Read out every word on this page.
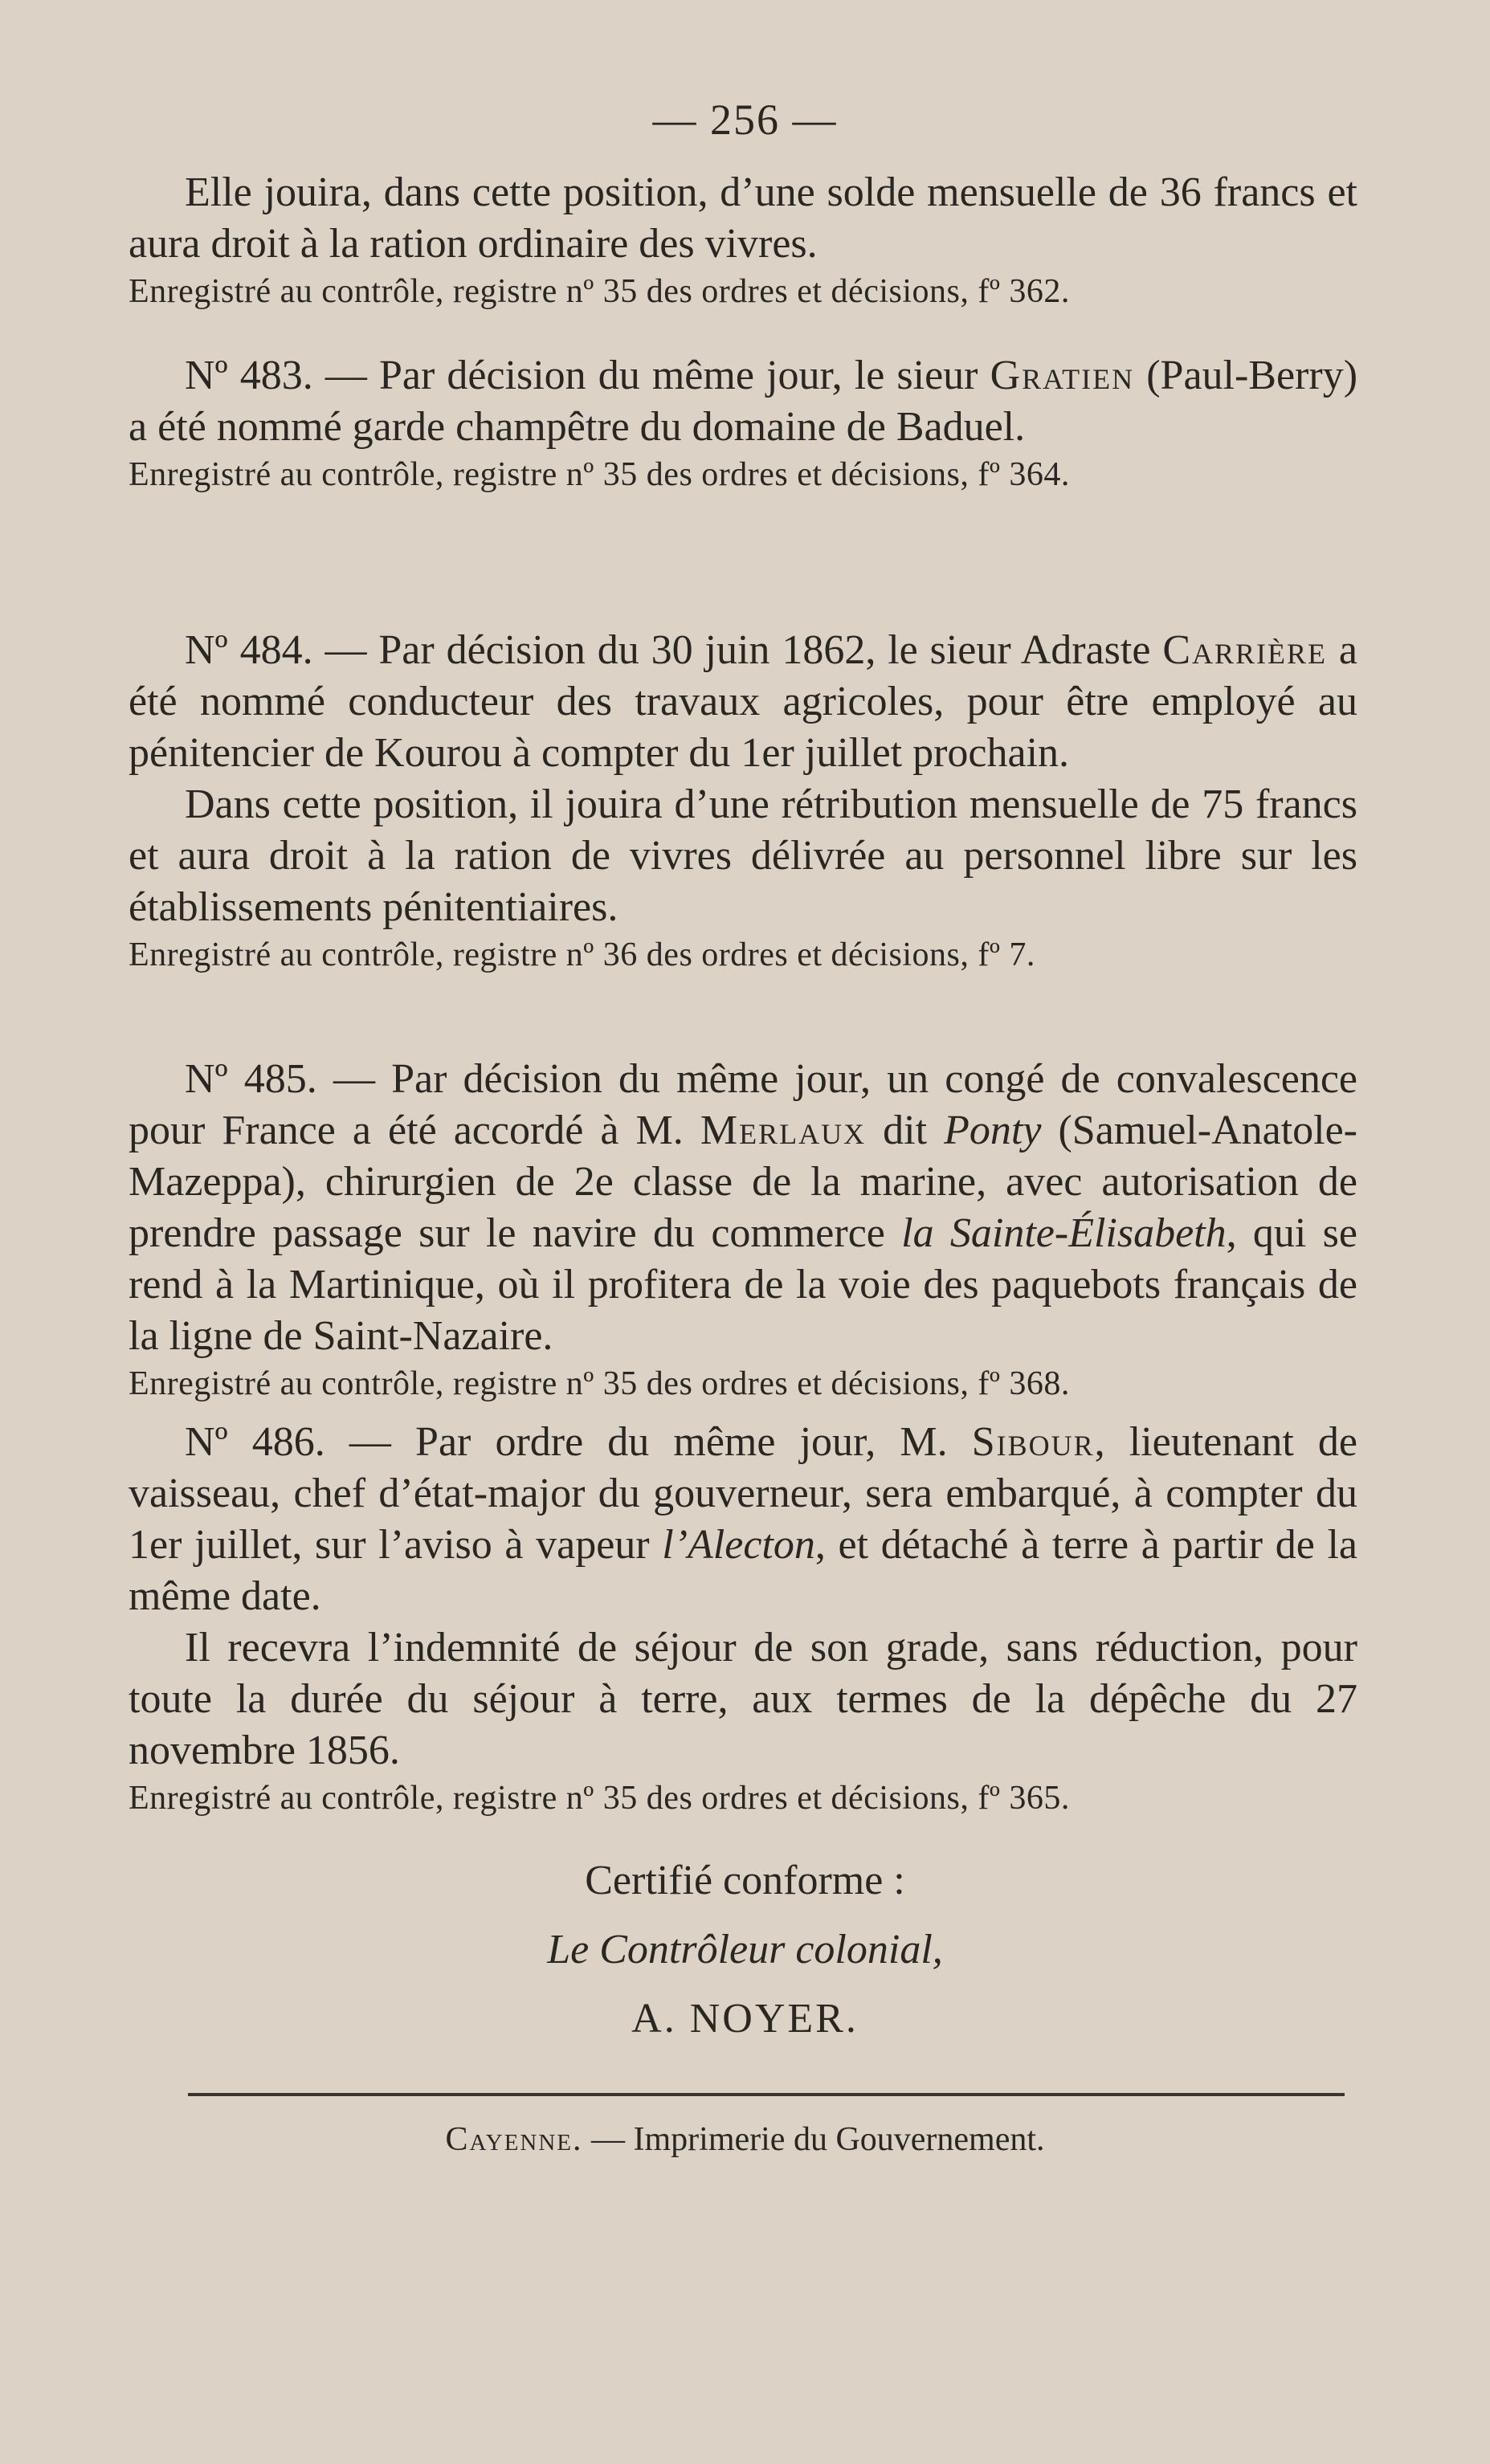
— 256 —

Elle jouira, dans cette position, d’une solde mensuelle de 36 francs et aura droit à la ration ordinaire des vivres.

Enregistré au contrôle, registre nº 35 des ordres et décisions, fº 362.

Nº 483. — Par décision du même jour, le sieur Gratien (Paul-Berry) a été nommé garde champêtre du domaine de Baduel.

Enregistré au contrôle, registre nº 35 des ordres et décisions, fº 364.

Nº 484. — Par décision du 30 juin 1862, le sieur Adraste Carrière a été nommé conducteur des travaux agricoles, pour être employé au pénitencier de Kourou à compter du 1er juillet prochain.

Dans cette position, il jouira d’une rétribution mensuelle de 75 francs et aura droit à la ration de vivres délivrée au personnel libre sur les établissements pénitentiaires.

Enregistré au contrôle, registre nº 36 des ordres et décisions, fº 7.

Nº 485. — Par décision du même jour, un congé de convalescence pour France a été accordé à M. Merlaux dit Ponty (Samuel-Anatole-Mazeppa), chirurgien de 2e classe de la marine, avec autorisation de prendre passage sur le navire du commerce la Sainte-Élisabeth, qui se rend à la Martinique, où il profitera de la voie des paquebots français de la ligne de Saint-Nazaire.

Enregistré au contrôle, registre nº 35 des ordres et décisions, fº 368.

Nº 486. — Par ordre du même jour, M. Sibour, lieutenant de vaisseau, chef d’état-major du gouverneur, sera embarqué, à compter du 1er juillet, sur l’aviso à vapeur l’Alecton, et détaché à terre à partir de la même date.

Il recevra l’indemnité de séjour de son grade, sans réduction, pour toute la durée du séjour à terre, aux termes de la dépêche du 27 novembre 1856.

Enregistré au contrôle, registre nº 35 des ordres et décisions, fº 365.

Certifié conforme :

Le Contrôleur colonial,

A. NOYER.

Cayenne. — Imprimerie du Gouvernement.
